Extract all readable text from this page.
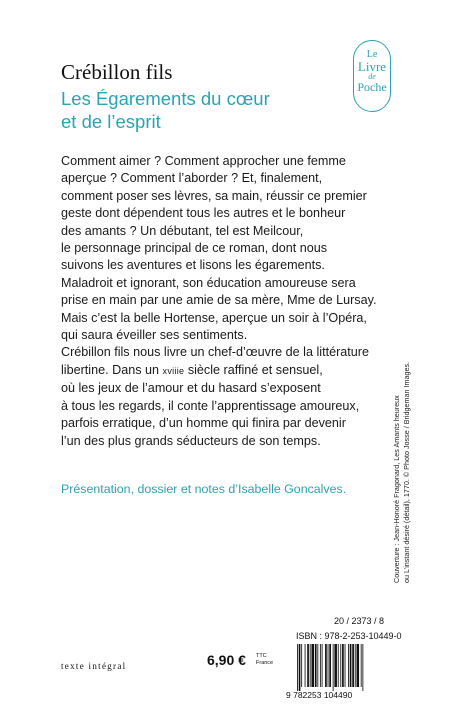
Crébillon fils
Les Égarements du cœur
et de l’esprit
Le
Livre
de
Poche

Comment aimer ? Comment approcher une femme

aperçue ? Comment l’aborder ? Et, finalement,

comment poser ses lèvres, sa main, réussir ce premier

geste dont dépendent tous les autres et le bonheur

des amants ? Un débutant, tel est Meilcour,

le personnage principal de ce roman, dont nous

suivons les aventures et lisons les égarements.

Maladroit et ignorant, son éducation amoureuse sera

prise en main par une amie de sa mère, Mme de Lursay.

Mais c’est la belle Hortense, aperçue un soir à l’Opéra,

qui saura éveiller ses sentiments.

Crébillon fils nous livre un chef-d’œuvre de la littérature

libertine. Dans un xviiie siècle raffiné et sensuel,

où les jeux de l’amour et du hasard s’exposent

à tous les regards, il conte l’apprentissage amoureux,

parfois erratique, d’un homme qui finira par devenir

l’un des plus grands séducteurs de son temps.

Présentation, dossier et notes d’Isabelle Goncalves.	Couverture : Jean-Honoré Fragonard, Les Amants heureux ou L’instant désiré (détail), 1770. © Photo Josse / Bridgeman Images.
20 / 2373 / 8
ISBN : 978-2-253-10449-0
texte intégral	6,90 € TTC
France
9 782253 104490
